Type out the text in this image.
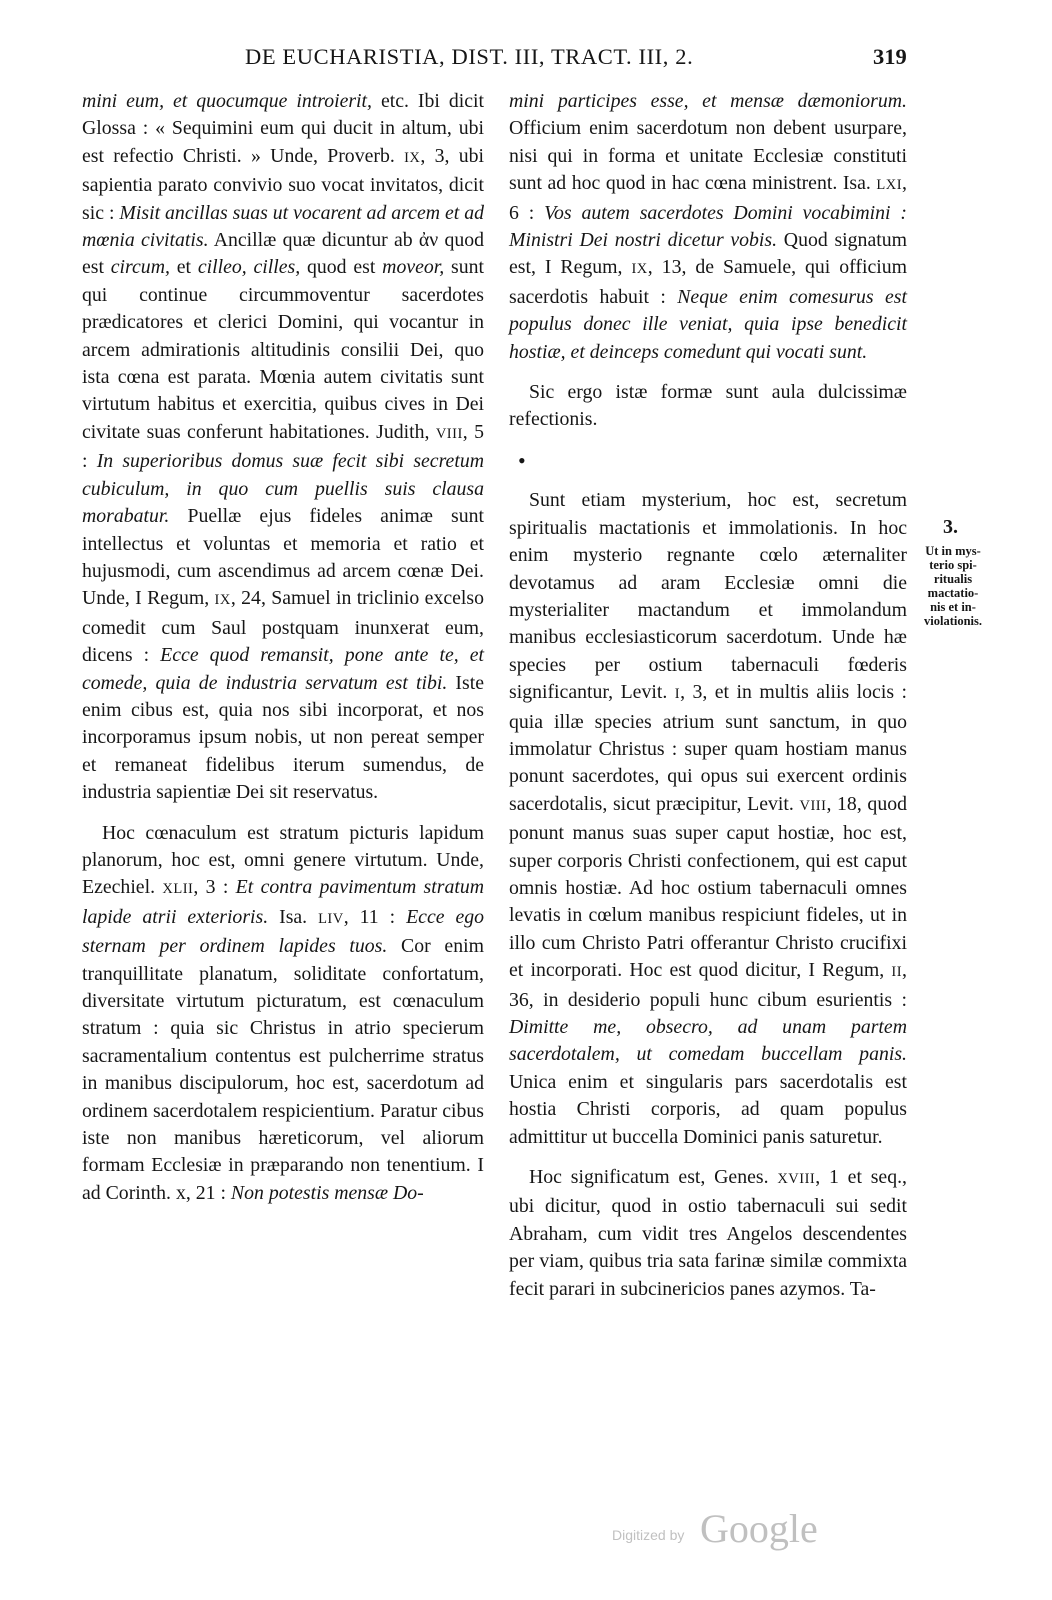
DE EUCHARISTIA, DIST. III, TRACT. III, 2.	319

mini eum, et quocumque introierit, etc. Ibi dicit Glossa : « Sequimini eum qui ducit in altum, ubi est refectio Christi. » Unde, Proverb. IX, 3, ubi sapientia parato convivio suo vocat invitatos, dicit sic : Misit ancillas suas ut vocarent ad arcem et ad mœnia civitatis. Ancillæ quæ dicuntur ab ἀν quod est circum, et cilleo, cilles, quod est moveor, sunt qui continue circummoventur sacerdotes prædicatores et clerici Domini, qui vocantur in arcem admirationis altitudinis consilii Dei, quo ista cœna est parata. Mœnia autem civitatis sunt virtutum habitus et exercitia, quibus cives in Dei civitate suas conferunt habitationes. Judith, VIII, 5 : In superioribus domus suæ fecit sibi secretum cubiculum, in quo cum puellis suis clausa morabatur. Puellæ ejus fideles animæ sunt intellectus et voluntas et memoria et ratio et hujusmodi, cum ascendimus ad arcem cœnæ Dei. Unde, I Regum, IX, 24, Samuel in triclinio excelso comedit cum Saul postquam inunxerat eum, dicens : Ecce quod remansit, pone ante te, et comede, quia de industria servatum est tibi. Iste enim cibus est, quia nos sibi incorporat, et nos incorporamus ipsum nobis, ut non pereat semper et remaneat fidelibus iterum sumendus, de industria sapientiæ Dei sit reservatus.

Hoc cœnaculum est stratum picturis lapidum planorum, hoc est, omni genere virtutum. Unde, Ezechiel. XLII, 3 : Et contra pavimentum stratum lapide atrii exterioris. Isa. LIV, 11 : Ecce ego sternam per ordinem lapides tuos. Cor enim tranquillitate planatum, soliditate confortatum, diversitate virtutum picturatum, est cœnaculum stratum : quia sic Christus in atrio specierum sacramentalium contentus est pulcherrime stratus in manibus discipulorum, hoc est, sacerdotum ad ordinem sacerdotalem respicientium. Paratur cibus iste non manibus hæreticorum, vel aliorum formam Ecclesiæ in præparando non tenentium. I ad Corinth. x, 21 : Non potestis mensæ Do-

mini participes esse, et mensæ dæmoniorum. Officium enim sacerdotum non debent usurpare, nisi qui in forma et unitate Ecclesiæ constituti sunt ad hoc quod in hac cœna ministrent. Isa. LXI, 6 : Vos autem sacerdotes Domini vocabimini : Ministri Dei nostri dicetur vobis. Quod signatum est, I Regum, IX, 13, de Samuele, qui officium sacerdotis habuit : Neque enim comesurus est populus donec ille veniat, quia ipse benedicit hostiæ, et deinceps comedunt qui vocati sunt.

Sic ergo istæ formæ sunt aula dulcissimæ refectionis.

•

Sunt etiam mysterium, hoc est, secretum spiritualis mactationis et immolationis. In hoc enim mysterio regnante cœlo æternaliter devotamus ad aram Ecclesiæ omni die mysterialiter mactandum et immolandum manibus ecclesiasticorum sacerdotum. Unde hæ species per ostium tabernaculi fœderis significantur, Levit. I, 3, et in multis aliis locis : quia illæ species atrium sunt sanctum, in quo immolatur Christus : super quam hostiam manus ponunt sacerdotes, qui opus sui exercent ordinis sacerdotalis, sicut præcipitur, Levit. VIII, 18, quod ponunt manus suas super caput hostiæ, hoc est, super corporis Christi confectionem, qui est caput omnis hostiæ. Ad hoc ostium tabernaculi omnes levatis in cœlum manibus respiciunt fideles, ut in illo cum Christo Patri offerantur Christo crucifixi et incorporati. Hoc est quod dicitur, I Regum, II, 36, in desiderio populi hunc cibum esurientis : Dimitte me, obsecro, ad unam partem sacerdotalem, ut comedam buccellam panis. Unica enim et singularis pars sacerdotalis est hostia Christi corporis, ad quam populus admittitur ut buccella Dominici panis saturetur.

Hoc significatum est, Genes. XVIII, 1 et seq., ubi dicitur, quod in ostio tabernaculi sui sedit Abraham, cum vidit tres Angelos descendentes per viam, quibus tria sata farinæ similæ commixta fecit parari in subcinericios panes azymos. Ta-

3.
Ut in mys-
terio spi-
ritualis
mactatio-
nis et in-
violationis.
Digitized by Google
